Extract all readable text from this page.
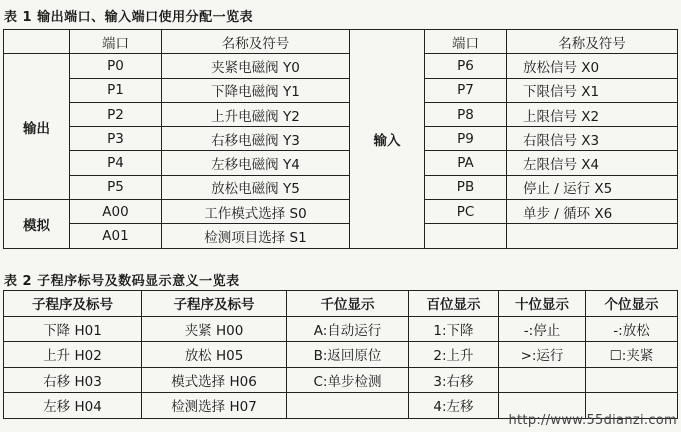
表 1 输出端口、输入端口使用分配一览表
	端口	名称及符号	输入	端口	名称及符号
输出	P0	夹紧电磁阀 Y0		P6	放松信号 X0
	P1	下降电磁阀 Y1		P7	下限信号 X1
	P2	上升电磁阀 Y2		P8	上限信号 X2
	P3	右移电磁阀 Y3		P9	右限信号 X3
	P4	左移电磁阀 Y4		PA	左限信号 X4
	P5	放松电磁阀 Y5		PB	停止 / 运行 X5
模拟	A00	工作模式选择 S0		PC	单步 / 循环 X6
	A01	检测项目选择 S1			
表 2 子程序标号及数码显示意义一览表
子程序及标号	子程序及标号	千位显示	百位显示	十位显示	个位显示
下降 H01	夹紧 H00	A:自动运行	1:下降	-:停止	-:放松
上升 H02	放松 H05	B:返回原位	2:上升	>:运行	☐:夹紧
右移 H03	模式选择 H06	C:单步检测	3:右移		
左移 H04	检测选择 H07		4:左移		
http://www.55dianzi.com
